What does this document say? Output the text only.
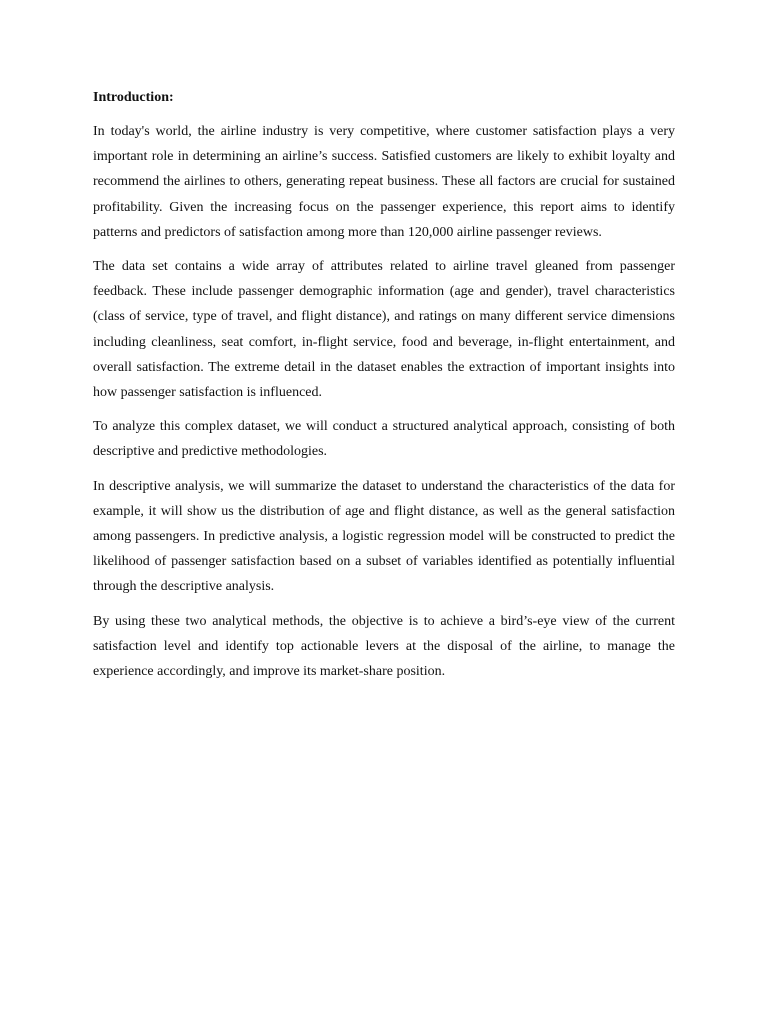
Introduction:

In today's world, the airline industry is very competitive, where customer satisfaction plays a very important role in determining an airline’s success. Satisfied customers are likely to exhibit loyalty and recommend the airlines to others, generating repeat business. These all factors are crucial for sustained profitability. Given the increasing focus on the passenger experience, this report aims to identify patterns and predictors of satisfaction among more than 120,000 airline passenger reviews.

The data set contains a wide array of attributes related to airline travel gleaned from passenger feedback. These include passenger demographic information (age and gender), travel characteristics (class of service, type of travel, and flight distance), and ratings on many different service dimensions including cleanliness, seat comfort, in-flight service, food and beverage, in-flight entertainment, and overall satisfaction. The extreme detail in the dataset enables the extraction of important insights into how passenger satisfaction is influenced.

To analyze this complex dataset, we will conduct a structured analytical approach, consisting of both descriptive and predictive methodologies.

In descriptive analysis, we will summarize the dataset to understand the characteristics of the data for example, it will show us the distribution of age and flight distance, as well as the general satisfaction among passengers. In predictive analysis, a logistic regression model will be constructed to predict the likelihood of passenger satisfaction based on a subset of variables identified as potentially influential through the descriptive analysis.

By using these two analytical methods, the objective is to achieve a bird’s-eye view of the current satisfaction level and identify top actionable levers at the disposal of the airline, to manage the experience accordingly, and improve its market-share position.
